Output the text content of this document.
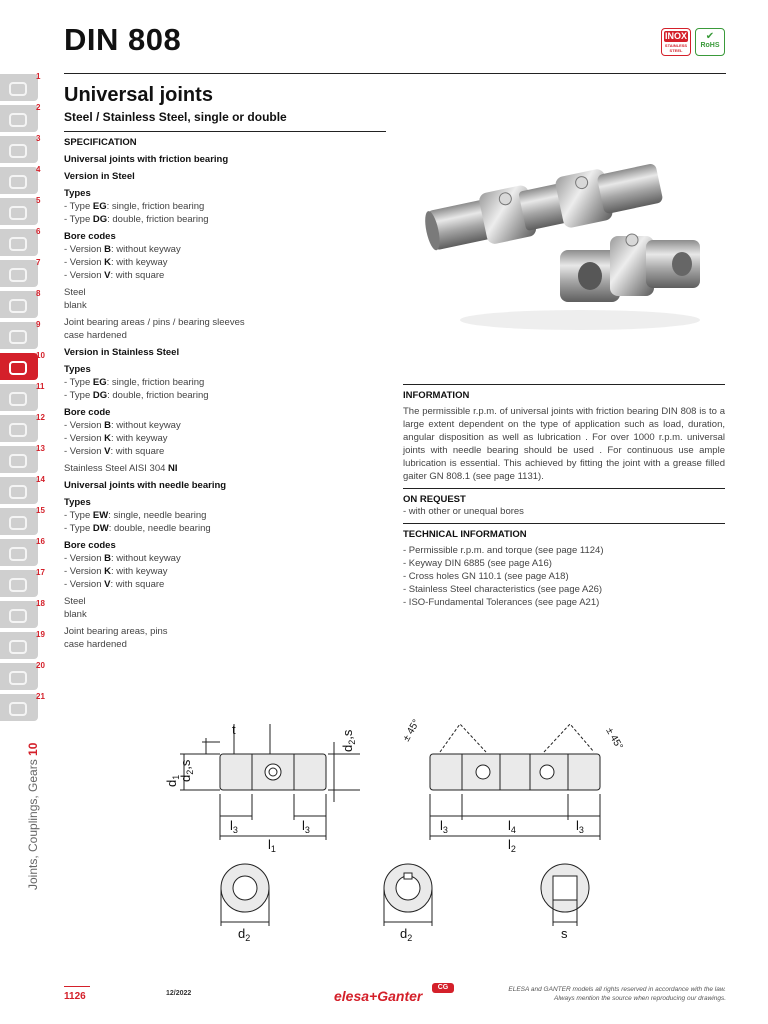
DIN 808	INOX
STAINLESS STEEL
✔
RoHS
Universal joints
Steel / Stainless Steel, single or double
SPECIFICATION
Universal joints with friction bearing
Version in Steel
Types
- Type EG: single, friction bearing
- Type DG: double, friction bearing
Bore codes
- Version B: without keyway
- Version K: with keyway
- Version V: with square
Steel
blank
Joint bearing areas / pins / bearing sleeves
case hardened
Version in Stainless Steel
Types
- Type EG: single, friction bearing
- Type DG: double, friction bearing
Bore code
- Version B: without keyway
- Version K: with keyway
- Version V: with square
Stainless Steel AISI 304 NI
Universal joints with needle bearing
Types
- Type EW: single, needle bearing
- Type DW: double, needle bearing
Bore codes
- Version B: without keyway
- Version K: with keyway
- Version V: with square
Steel
blank
Joint bearing areas, pins
case hardened
INFORMATION
The permissible r.p.m. of universal joints with friction bearing DIN 808 is to a large extent dependent on the type of application such as load, duration, angular disposition as well as lubrication . For over 1000 r.p.m. universal joints with needle bearing should be used . For continuous use ample lubrication is essential. This achieved by fitting the joint with a grease filled gaiter GN 808.1 (see page 1131).
ON REQUEST
- with other or unequal bores
TECHNICAL INFORMATION
- Permissible r.p.m. and torque (see page 1124)
- Keyway DIN 6885 (see page A16)
- Cross holes GN 110.1 (see page A18)
- Stainless Steel characteristics (see page A26)
- ISO-Fundamental Tolerances (see page A21)
1
2
3
4
5
6
7
8
9
10
11
12
13
14
15
16
17
18
19
20
21
Joints, Couplings, Gears 10
t
$d_2,s$
$d_1$
$d_2,s$
$l_3$	$l_3$
$l_1$
± 45°	± 45°
$l_3$	$l_4$	$l_3$
$l_2$
$d_2$	$d_2$	s
1126	12/2022	elesa+Ganter
CG	ELESA and GANTER models all rights reserved in accordance with the law.
Always mention the source when reproducing our drawings.
